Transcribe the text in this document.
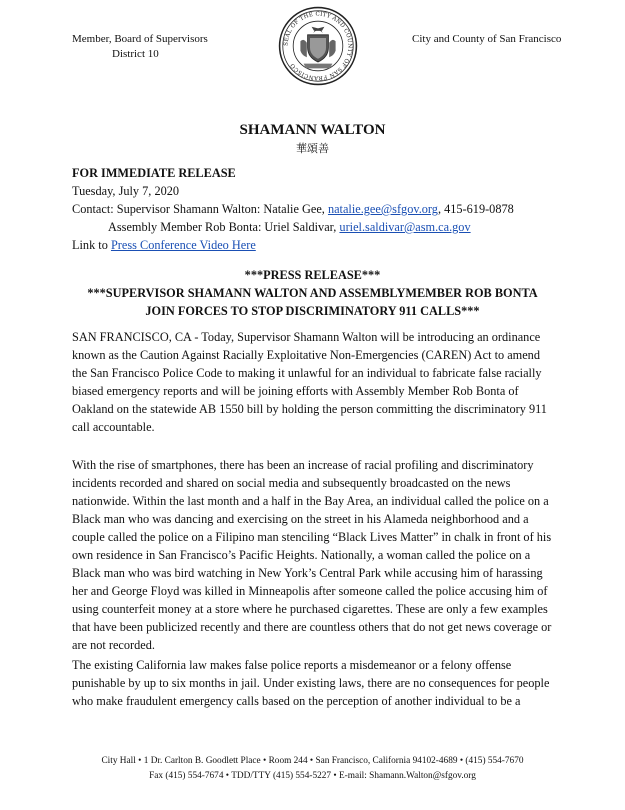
Member, Board of Supervisors
District 10
City and County of San Francisco
SEAL OF THE CITY AND COUNTY OF SAN FRANCISCO
SHAMANN WALTON
華頌善
FOR IMMEDIATE RELEASE
Tuesday, July 7, 2020
Contact: Supervisor Shamann Walton: Natalie Gee, natalie.gee@sfgov.org, 415-619-0878
Assembly Member Rob Bonta: Uriel Saldivar, uriel.saldivar@asm.ca.gov
Link to Press Conference Video Here
***PRESS RELEASE***
***SUPERVISOR SHAMANN WALTON AND ASSEMBLYMEMBER ROB BONTA
JOIN FORCES TO STOP DISCRIMINATORY 911 CALLS***
SAN FRANCISCO, CA - Today, Supervisor Shamann Walton will be introducing an ordinance
known as the Caution Against Racially Exploitative Non-Emergencies (CAREN) Act to amend
the San Francisco Police Code to making it unlawful for an individual to fabricate false racially
biased emergency reports and will be joining efforts with Assembly Member Rob Bonta of
Oakland on the statewide AB 1550 bill by holding the person committing the discriminatory 911
call accountable.
With the rise of smartphones, there has been an increase of racial profiling and discriminatory
incidents recorded and shared on social media and subsequently broadcasted on the news
nationwide. Within the last month and a half in the Bay Area, an individual called the police on a
Black man who was dancing and exercising on the street in his Alameda neighborhood and a
couple called the police on a Filipino man stenciling “Black Lives Matter” in chalk in front of his
own residence in San Francisco’s Pacific Heights. Nationally, a woman called the police on a
Black man who was bird watching in New York’s Central Park while accusing him of harassing
her and George Floyd was killed in Minneapolis after someone called the police accusing him of
using counterfeit money at a store where he purchased cigarettes. These are only a few examples
that have been publicized recently and there are countless others that do not get news coverage or
are not recorded.
The existing California law makes false police reports a misdemeanor or a felony offense
punishable by up to six months in jail. Under existing laws, there are no consequences for people
who make fraudulent emergency calls based on the perception of another individual to be a
City Hall • 1 Dr. Carlton B. Goodlett Place • Room 244 • San Francisco, California 94102-4689 • (415) 554-7670
Fax (415) 554-7674 • TDD/TTY (415) 554-5227 • E-mail: Shamann.Walton@sfgov.org
